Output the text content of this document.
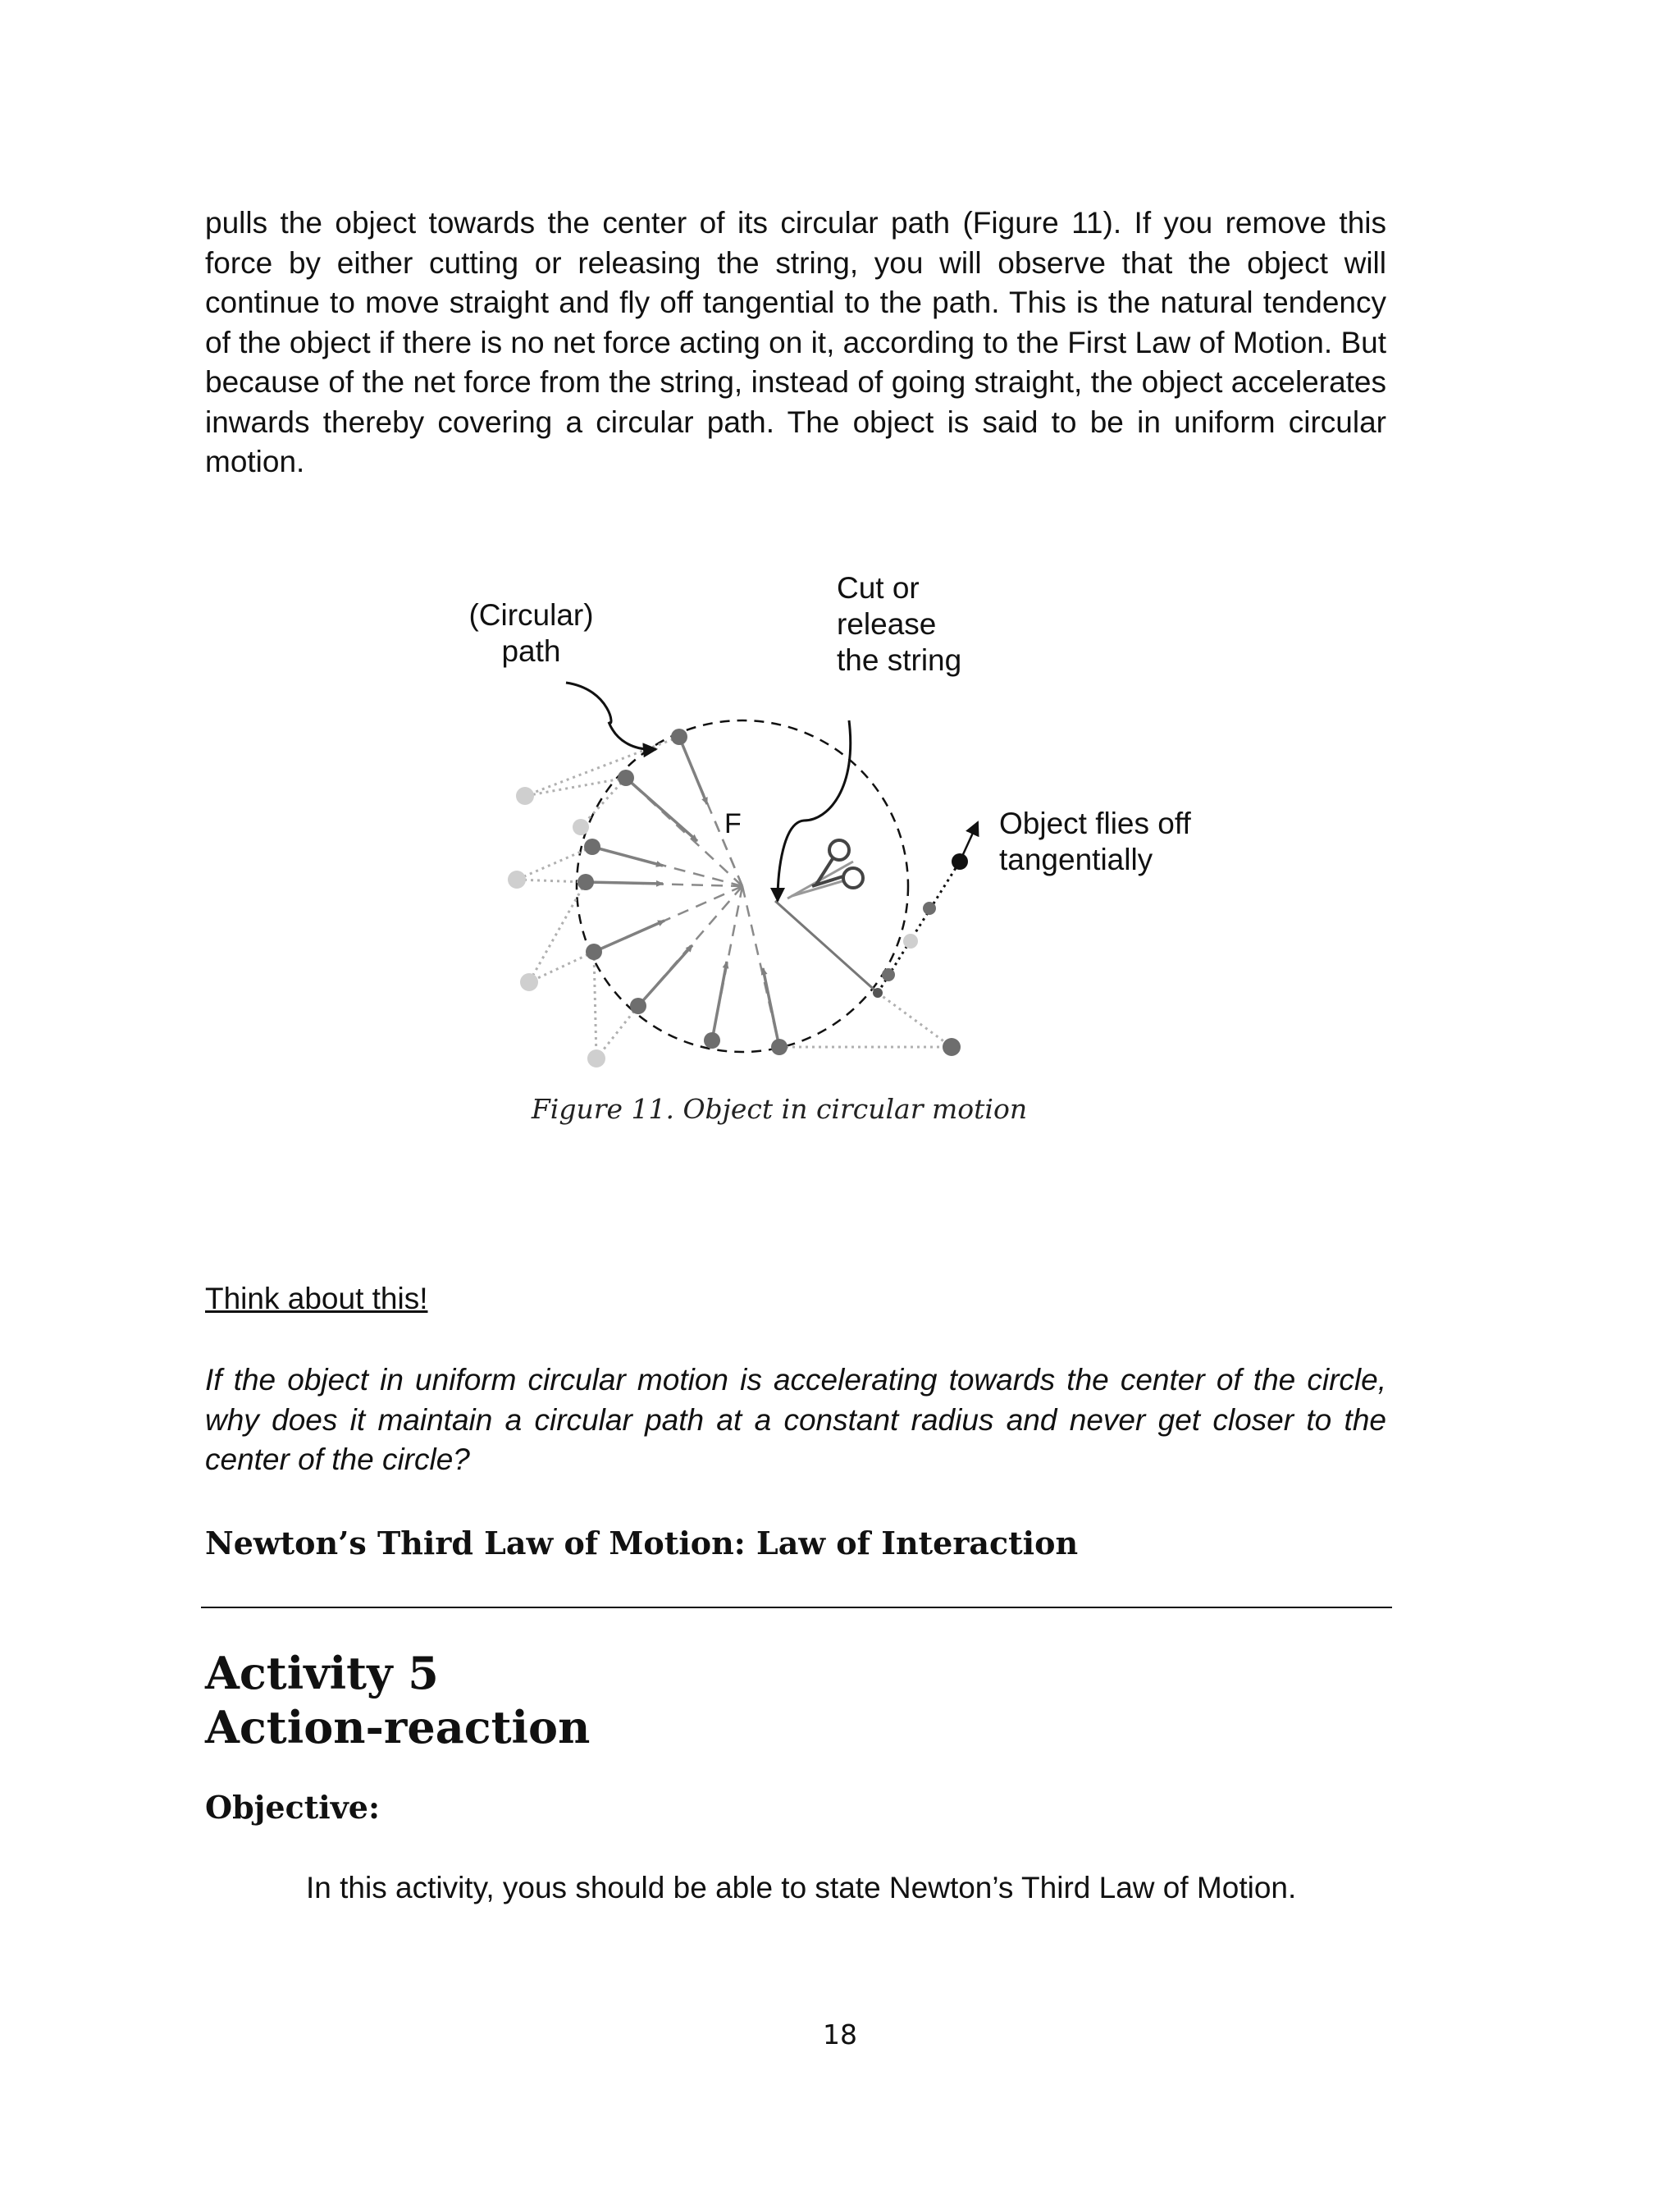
pulls the object towards the center of its circular path (Figure 11). If you remove this force by either cutting or releasing the string, you will observe that the object will continue to move straight and fly off tangential to the path. This is the natural tendency of the object if there is no net force acting on it, according to the First Law of Motion. But because of the net force from the string, instead of going straight, the object accelerates inwards thereby covering a circular path. The object is said to be in uniform circular motion.

(Circular)
path

Cut or
release
the string

F	Object flies off
tangentially

Figure 11. Object in circular motion

Think about this!

If the object in uniform circular motion is accelerating towards the center of the circle, why does it maintain a circular path at a constant radius and never get closer to the center of the circle?

Newton’s Third Law of Motion: Law of Interaction

Activity 5
Action-reaction

Objective:

In this activity, yous should be able to state Newton’s Third Law of Motion.

18
